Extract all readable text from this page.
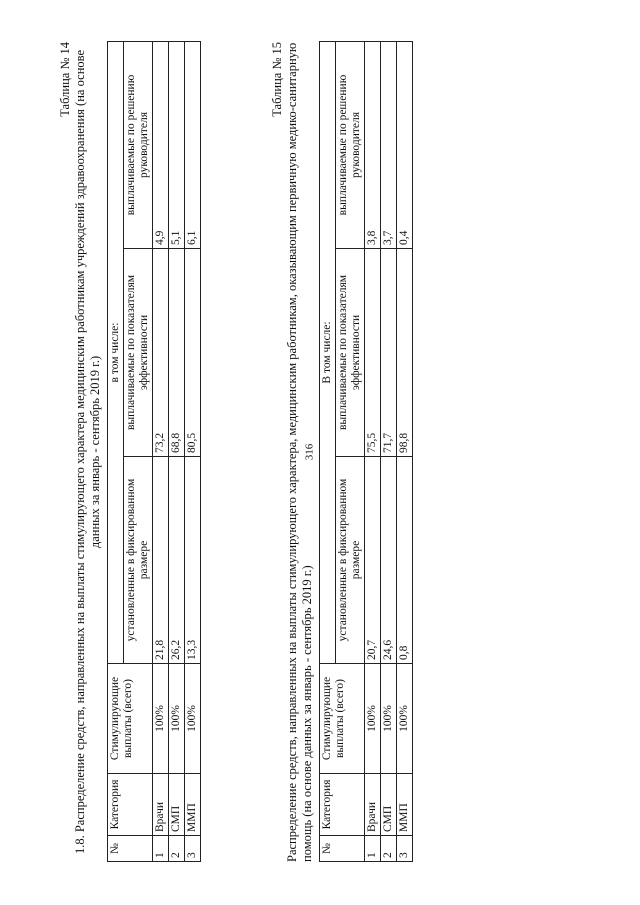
316

Таблица № 14 1.8. Распределение средств, направленных на выплаты стимулирующего характера медицинским работникам учреждений здравоохранения (на основе данных за январь - сентябрь 2019 г.)

№	Категория	Стимулирующие выплаты (всего)	в том числе:		
			установленные в фиксированном размере	выплачиваемые по показателям эффективности	выплачиваемые по решению руководителя
1	Врачи	100%	21,8	73,2	4,9
2	СМП	100%	26,2	68,8	5,1
3	ММП	100%	13,3	80,5	6,1

Таблица № 15 Распределение средств, направленных на выплаты стимулирующего характера, медицинским работникам, оказывающим первичную медико-санитарную помощь (на основе данных за январь - сентябрь 2019 г.) №	Категория	Стимулирующие выплаты (всего)	В том числе:		
			установленные в фиксированном размере	выплачиваемые по показателям эффективности	выплачиваемые по решению руководителя
1	Врачи	100%	20,7	75,5	3,8
2	СМП	100%	24,6	71,7	3,7
3	ММП	100%	0,8	98,8	0,4
